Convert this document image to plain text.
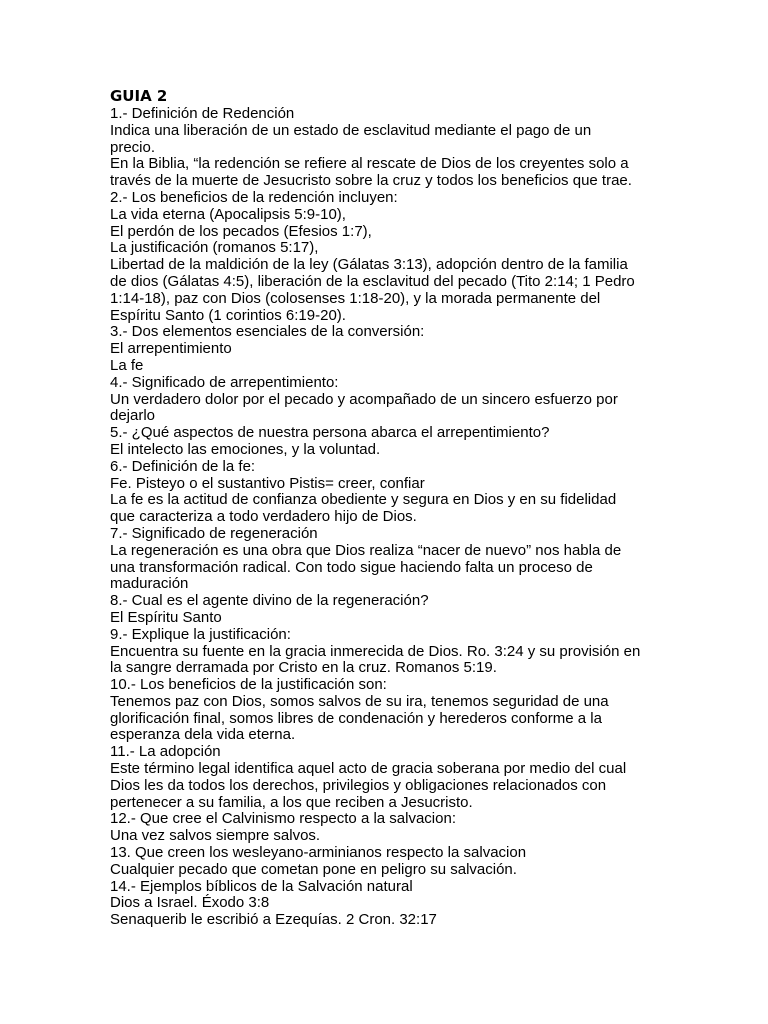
GUIA 2

1.- Definición de Redención

Indica una liberación de un estado de esclavitud mediante el pago de un

precio.

En la Biblia, “la redención se refiere al rescate de Dios de los creyentes solo a

través de la muerte de Jesucristo sobre la cruz y todos los beneficios que trae.

2.- Los beneficios de la redención incluyen:

La vida eterna (Apocalipsis 5:9-10),

El perdón de los pecados (Efesios 1:7),

La justificación (romanos 5:17),

Libertad de la maldición de la ley (Gálatas 3:13), adopción dentro de la familia

de dios (Gálatas 4:5), liberación de la esclavitud del pecado (Tito 2:14; 1 Pedro

1:14-18), paz con Dios (colosenses 1:18-20), y la morada permanente del

Espíritu Santo (1 corintios 6:19-20).

3.- Dos elementos esenciales de la conversión:

El arrepentimiento

La fe

4.- Significado de arrepentimiento:

Un verdadero dolor por el pecado y acompañado de un sincero esfuerzo por

dejarlo

5.- ¿Qué aspectos de nuestra persona abarca el arrepentimiento?

El intelecto las emociones, y la voluntad.

6.- Definición de la fe:

Fe. Pisteyo o el sustantivo Pistis= creer, confiar

La fe es la actitud de confianza obediente y segura en Dios y en su fidelidad

que caracteriza a todo verdadero hijo de Dios.

7.- Significado de regeneración

La regeneración es una obra que Dios realiza “nacer de nuevo” nos habla de

una transformación radical. Con todo sigue haciendo falta un proceso de

maduración

8.- Cual es el agente divino de la regeneración?

El Espíritu Santo

9.- Explique la justificación:

Encuentra su fuente en la gracia inmerecida de Dios. Ro. 3:24 y su provisión en

la sangre derramada por Cristo en la cruz. Romanos 5:19.

10.- Los beneficios de la justificación son:

Tenemos paz con Dios, somos salvos de su ira, tenemos seguridad de una

glorificación final, somos libres de condenación y herederos conforme a la

esperanza dela vida eterna.

11.- La adopción

Este término legal identifica aquel acto de gracia soberana por medio del cual

Dios les da todos los derechos, privilegios y obligaciones relacionados con

pertenecer a su familia, a los que reciben a Jesucristo.

12.- Que cree el Calvinismo respecto a la salvacion:

Una vez salvos siempre salvos.

13. Que creen los wesleyano-arminianos respecto la salvacion

Cualquier pecado que cometan pone en peligro su salvación.

14.- Ejemplos bíblicos de la Salvación natural

Dios a Israel. Éxodo 3:8

Senaquerib le escribió a Ezequías. 2 Cron. 32:17
